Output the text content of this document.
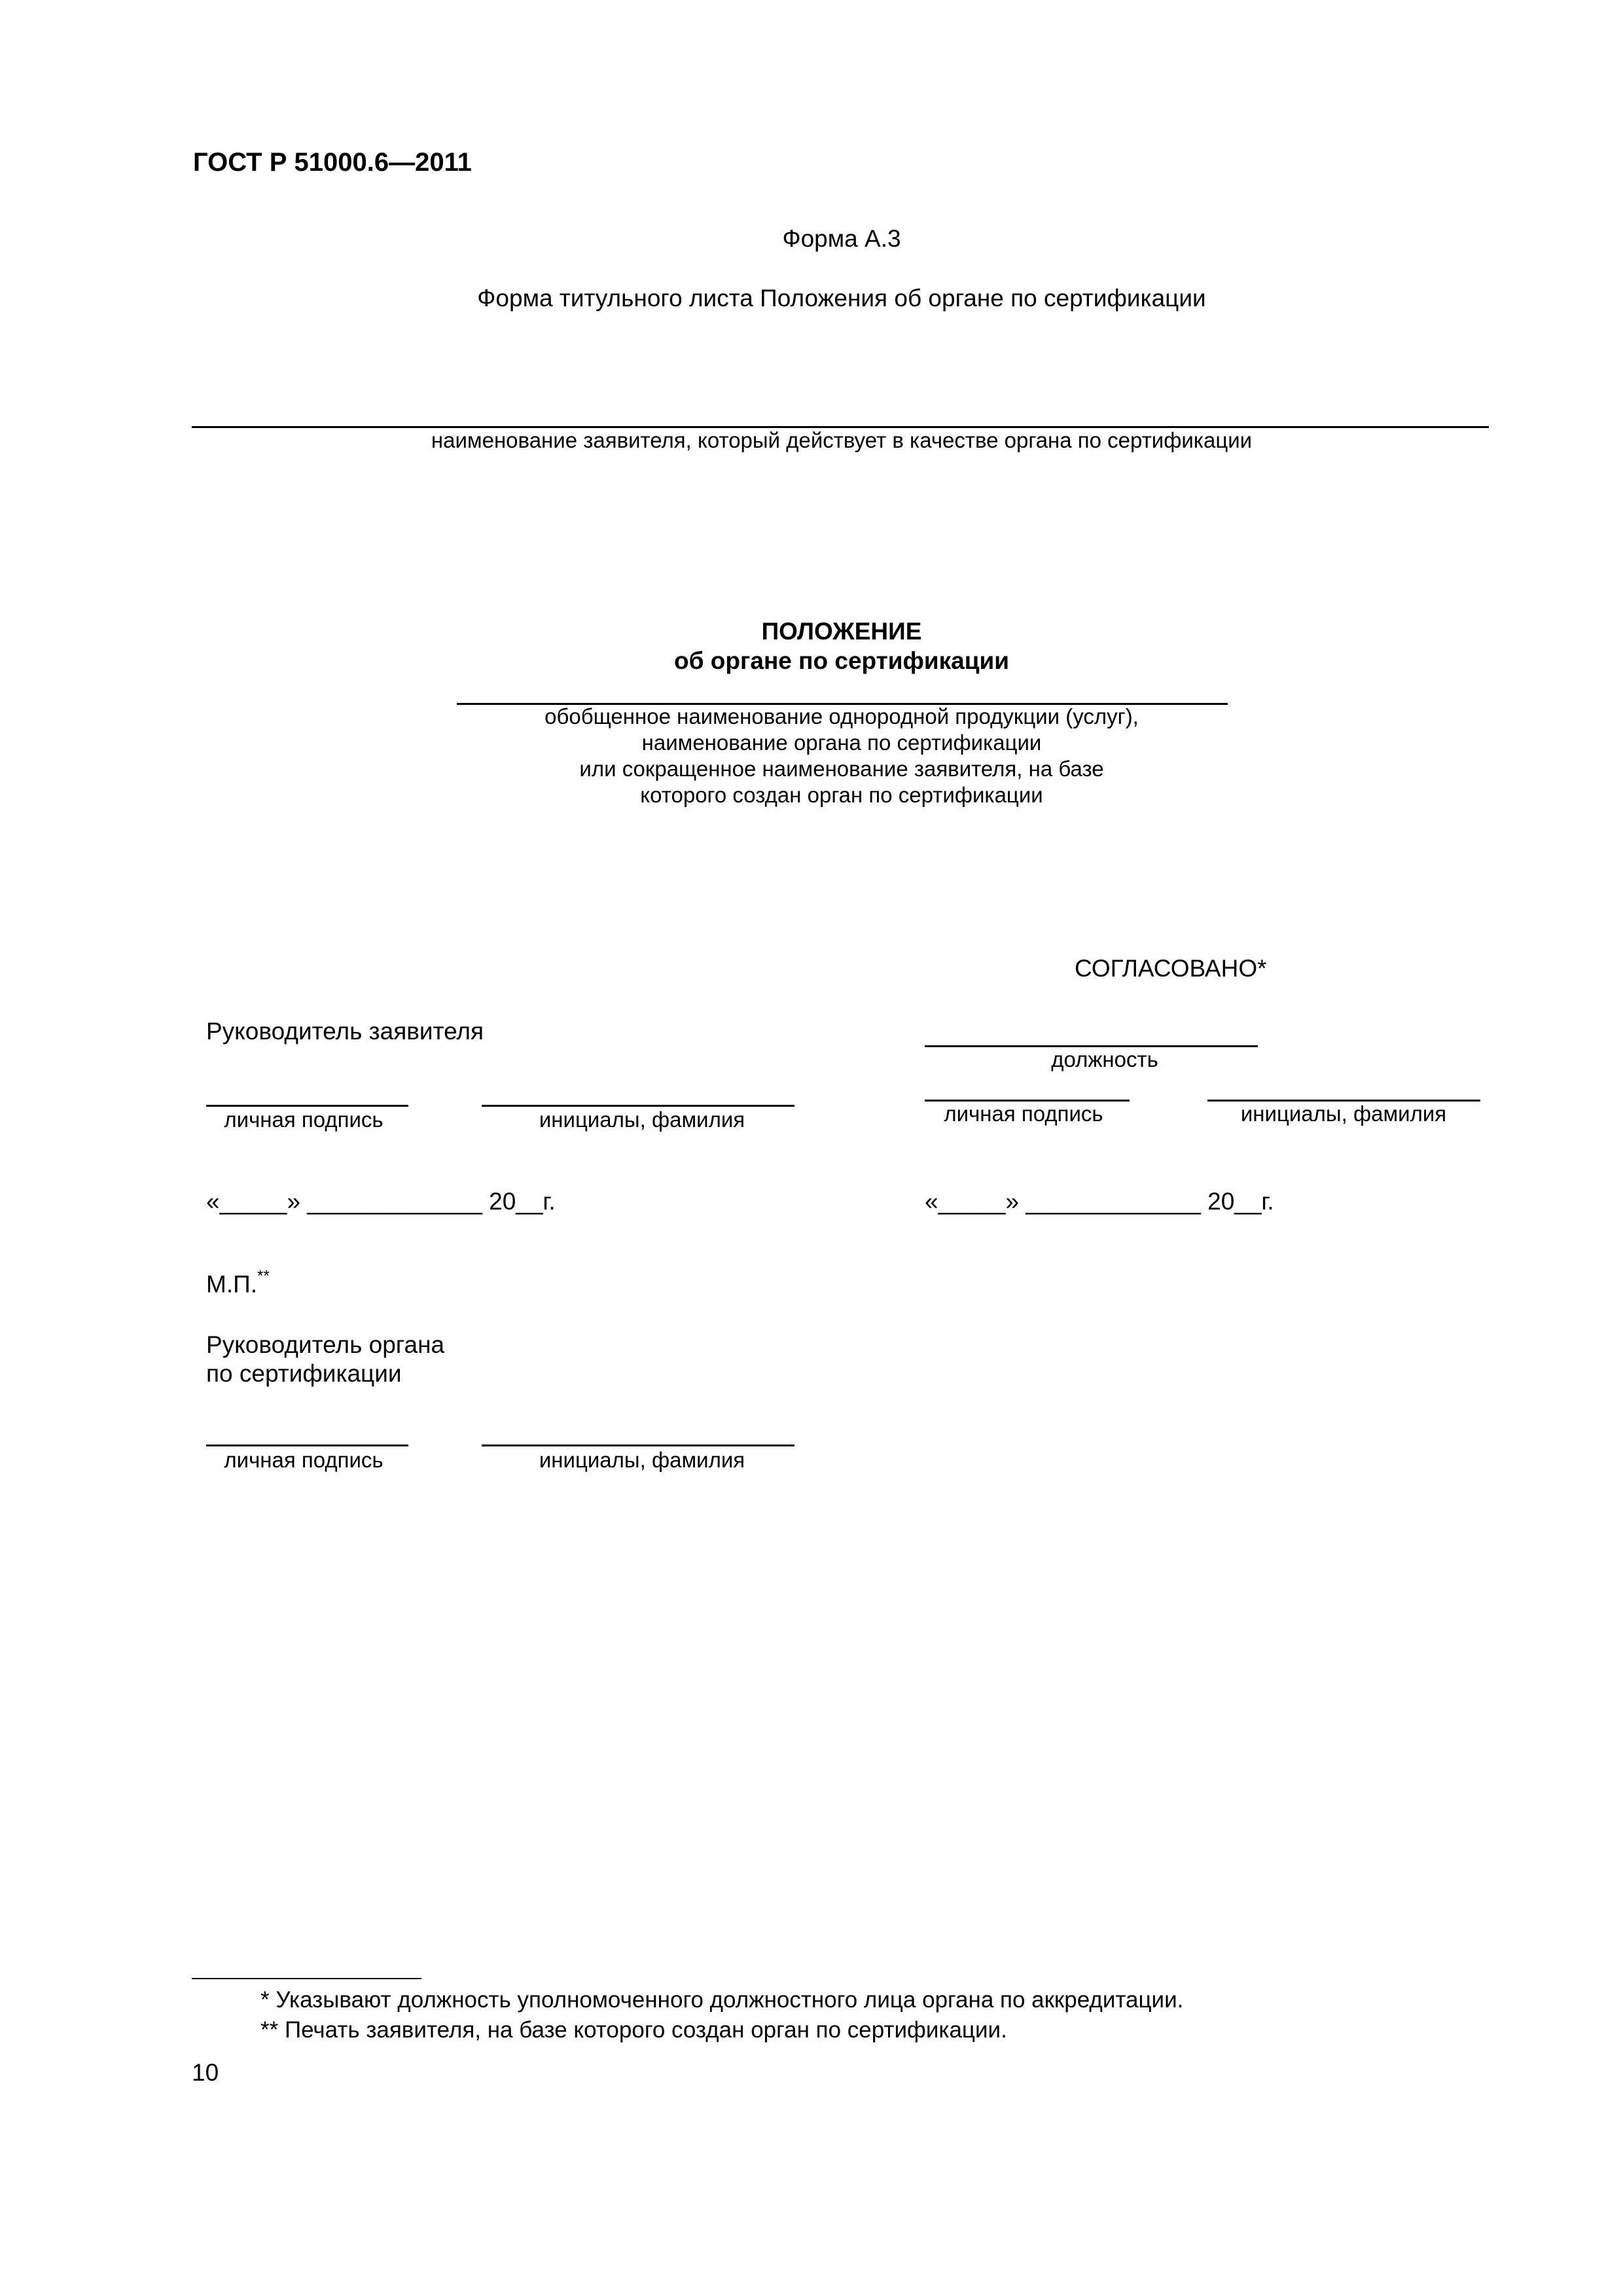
ГОСТ Р 51000.6—2011
Форма А.3
Форма титульного листа Положения об органе по сертификации
наименование заявителя, который действует в качестве органа по сертификации
ПОЛОЖЕНИЕ
об органе по сертификации
обобщенное наименование однородной продукции (услуг),
наименование органа по сертификации
или сокращенное наименование заявителя, на базе
которого создан орган по сертификации
СОГЛАСОВАНО*
должность
личная подпись	инициалы, фамилия
«_____» _____________ 20__г.
Руководитель заявителя
личная подпись	инициалы, фамилия
«_____» _____________ 20__г.
М.П.**
Руководитель органа
по сертификации
личная подпись	инициалы, фамилия
* Указывают должность уполномоченного должностного лица органа по аккредитации.
** Печать заявителя, на базе которого создан орган по сертификации.
10
